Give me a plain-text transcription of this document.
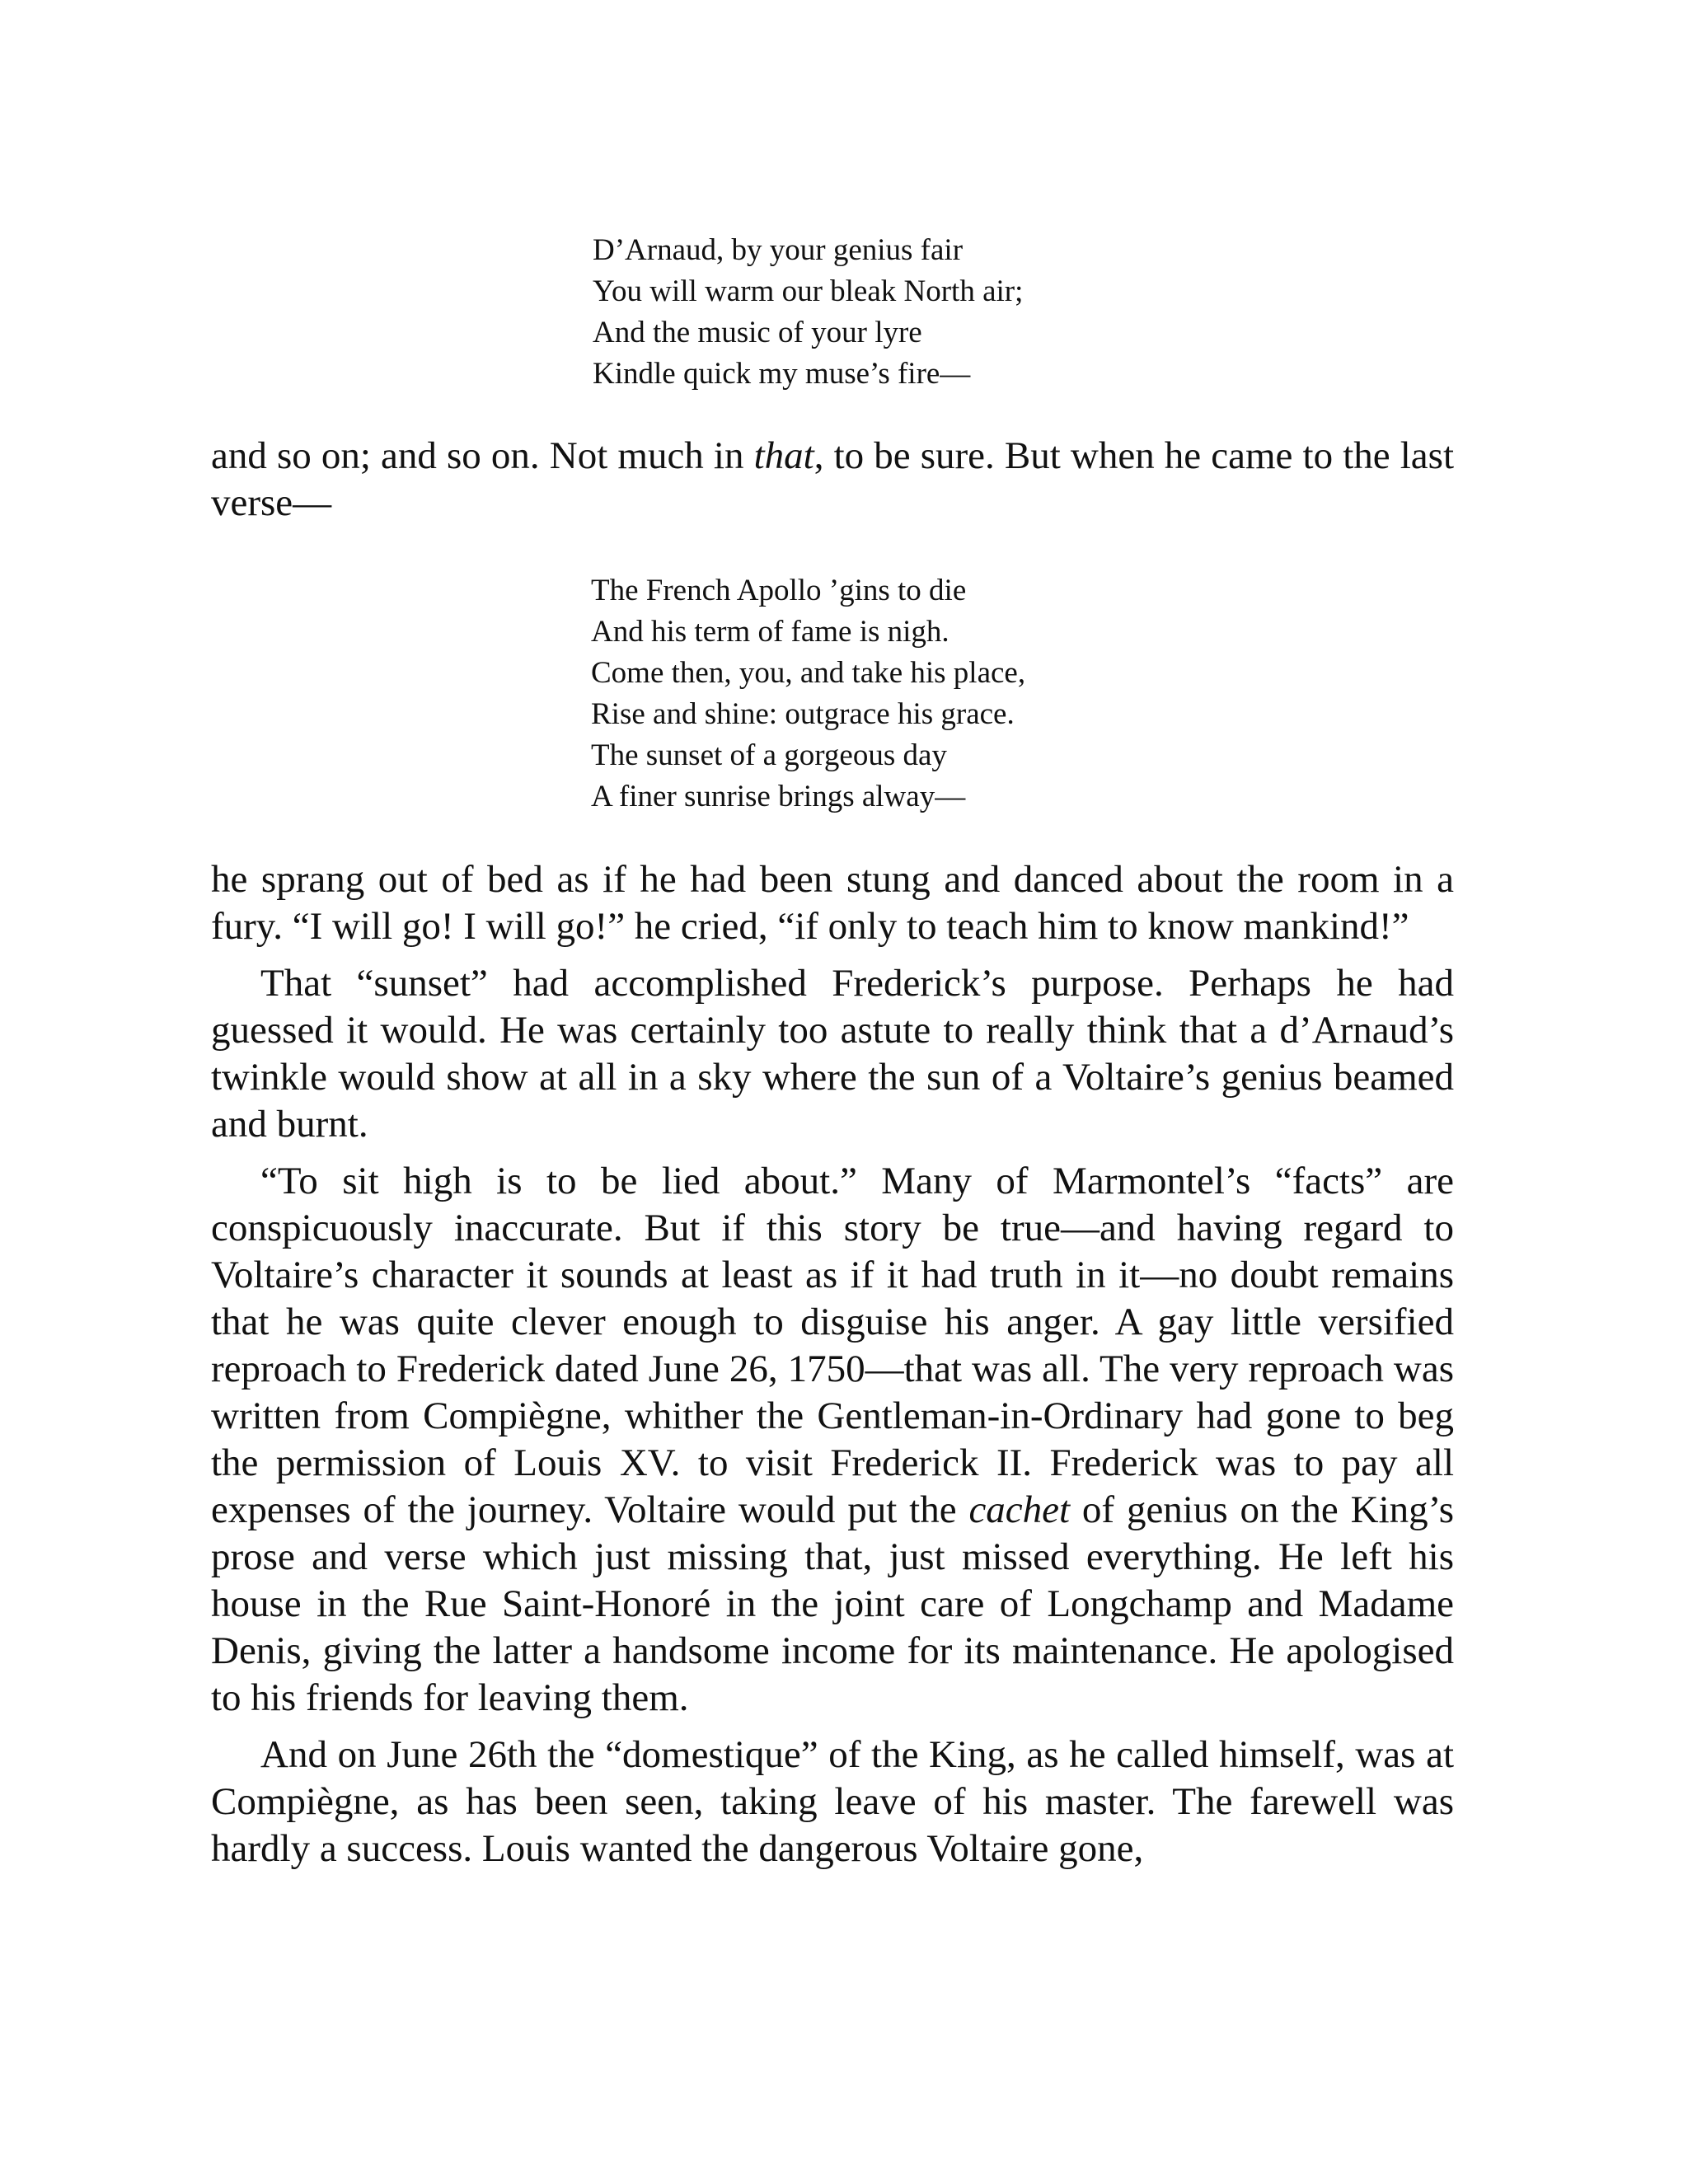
D’Arnaud, by your genius fair
You will warm our bleak North air;
And the music of your lyre
Kindle quick my muse’s fire—

and so on; and so on. Not much in that, to be sure. But when he came to the last verse—

The French Apollo ’gins to die
And his term of fame is nigh.
Come then, you, and take his place,
Rise and shine: outgrace his grace.
The sunset of a gorgeous day
A finer sunrise brings alway—

he sprang out of bed as if he had been stung and danced about the room in a fury. “I will go! I will go!” he cried, “if only to teach him to know mankind!”

That “sunset” had accomplished Frederick’s purpose. Perhaps he had guessed it would. He was certainly too astute to really think that a d’Arnaud’s twinkle would show at all in a sky where the sun of a Voltaire’s genius beamed and burnt.

“To sit high is to be lied about.” Many of Marmontel’s “facts” are conspicuously inaccurate. But if this story be true—and having regard to Voltaire’s character it sounds at least as if it had truth in it—no doubt remains that he was quite clever enough to disguise his anger. A gay little versified reproach to Frederick dated June 26, 1750—that was all. The very reproach was written from Compiègne, whither the Gentleman-in-Ordinary had gone to beg the permission of Louis XV. to visit Frederick II. Frederick was to pay all expenses of the journey. Voltaire would put the cachet of genius on the King’s prose and verse which just missing that, just missed everything. He left his house in the Rue Saint-Honoré in the joint care of Longchamp and Madame Denis, giving the latter a handsome income for its maintenance. He apologised to his friends for leaving them.

And on June 26th the “domestique” of the King, as he called himself, was at Compiègne, as has been seen, taking leave of his master. The farewell was hardly a success. Louis wanted the dangerous Voltaire gone,
